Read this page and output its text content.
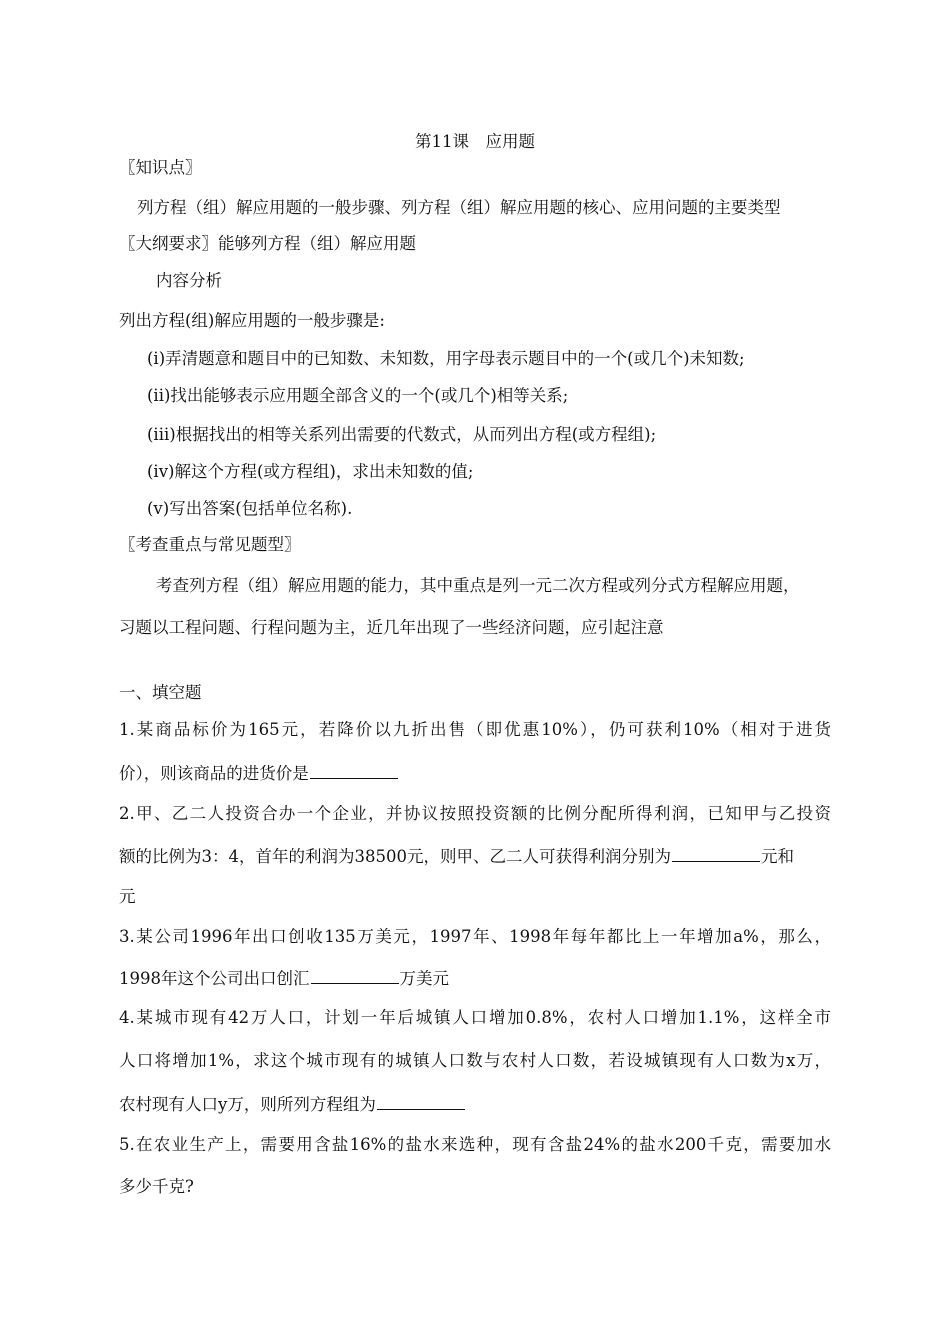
第11课　应用题
〖知识点〗
列方程（组）解应用题的一般步骤、列方程（组）解应用题的核心、应用问题的主要类型
〖大纲要求〗能够列方程（组）解应用题
内容分析
列出方程(组)解应用题的一般步骤是:
(i)弄清题意和题目中的已知数、未知数，用字母表示题目中的一个(或几个)未知数;
(ii)找出能够表示应用题全部含义的一个(或几个)相等关系;
(iii)根据找出的相等关系列出需要的代数式，从而列出方程(或方程组);
(iv)解这个方程(或方程组)，求出未知数的值;
(v)写出答案(包括单位名称).
〖考查重点与常见题型〗
考查列方程（组）解应用题的能力，其中重点是列一元二次方程或列分式方程解应用题，
习题以工程问题、行程问题为主，近几年出现了一些经济问题，应引起注意
一、填空题
1.某商品标价为165元，若降价以九折出售（即优惠10%），仍可获利10%（相对于进货
价），则该商品的进货价是
2.甲、乙二人投资合办一个企业，并协议按照投资额的比例分配所得利润，已知甲与乙投资
额的比例为3：4，首年的利润为38500元，则甲、乙二人可获得利润分别为	元和
元
3.某公司1996年出口创收135万美元，1997年、1998年每年都比上一年增加a%，那么，
1998年这个公司出口创汇	万美元
4.某城市现有42万人口，计划一年后城镇人口增加0.8%，农村人口增加1.1%，这样全市
人口将增加1%，求这个城市现有的城镇人口数与农村人口数，若设城镇现有人口数为x万，
农村现有人口y万，则所列方程组为
5.在农业生产上，需要用含盐16%的盐水来选种，现有含盐24%的盐水200千克，需要加水
多少千克?
